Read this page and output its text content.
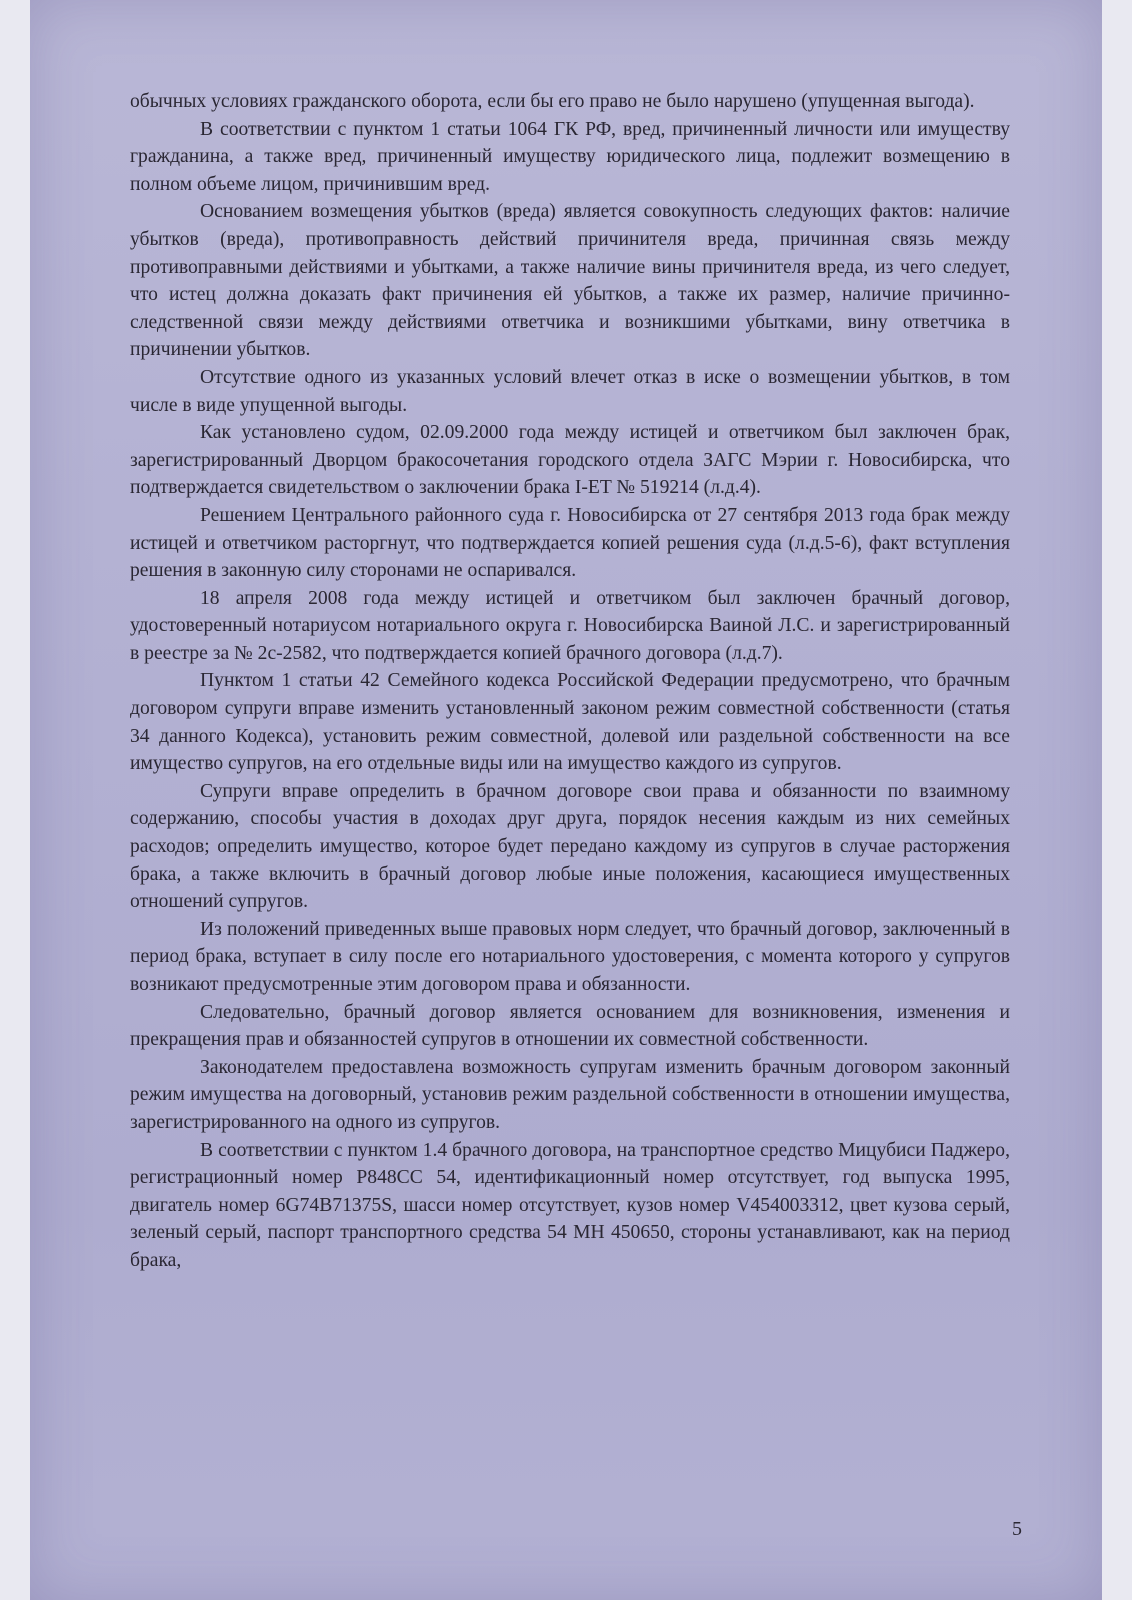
обычных условиях гражданского оборота, если бы его право не было нарушено (упущенная выгода).

В соответствии с пунктом 1 статьи 1064 ГК РФ, вред, причиненный личности или имуществу гражданина, а также вред, причиненный имуществу юридического лица, подлежит возмещению в полном объеме лицом, причинившим вред.

Основанием возмещения убытков (вреда) является совокупность следующих фактов: наличие убытков (вреда), противоправность действий причинителя вреда, причинная связь между противоправными действиями и убытками, а также наличие вины причинителя вреда, из чего следует, что истец должна доказать факт причинения ей убытков, а также их размер, наличие причинно-следственной связи между действиями ответчика и возникшими убытками, вину ответчика в причинении убытков.

Отсутствие одного из указанных условий влечет отказ в иске о возмещении убытков, в том числе в виде упущенной выгоды.

Как установлено судом, 02.09.2000 года между истицей и ответчиком был заключен брак, зарегистрированный Дворцом бракосочетания городского отдела ЗАГС Мэрии г. Новосибирска, что подтверждается свидетельством о заключении брака I-ET № 519214 (л.д.4).

Решением Центрального районного суда г. Новосибирска от 27 сентября 2013 года брак между истицей и ответчиком расторгнут, что подтверждается копией решения суда (л.д.5-6), факт вступления решения в законную силу сторонами не оспаривался.

18 апреля 2008 года между истицей и ответчиком был заключен брачный договор, удостоверенный нотариусом нотариального округа г. Новосибирска Ваиной Л.С. и зарегистрированный в реестре за № 2с-2582, что подтверждается копией брачного договора (л.д.7).

Пунктом 1 статьи 42 Семейного кодекса Российской Федерации предусмотрено, что брачным договором супруги вправе изменить установленный законом режим совместной собственности (статья 34 данного Кодекса), установить режим совместной, долевой или раздельной собственности на все имущество супругов, на его отдельные виды или на имущество каждого из супругов.

Супруги вправе определить в брачном договоре свои права и обязанности по взаимному содержанию, способы участия в доходах друг друга, порядок несения каждым из них семейных расходов; определить имущество, которое будет передано каждому из супругов в случае расторжения брака, а также включить в брачный договор любые иные положения, касающиеся имущественных отношений супругов.

Из положений приведенных выше правовых норм следует, что брачный договор, заключенный в период брака, вступает в силу после его нотариального удостоверения, с момента которого у супругов возникают предусмотренные этим договором права и обязанности.

Следовательно, брачный договор является основанием для возникновения, изменения и прекращения прав и обязанностей супругов в отношении их совместной собственности.

Законодателем предоставлена возможность супругам изменить брачным договором законный режим имущества на договорный, установив режим раздельной собственности в отношении имущества, зарегистрированного на одного из супругов.

В соответствии с пунктом 1.4 брачного договора, на транспортное средство Мицубиси Паджеро, регистрационный номер Р848СС 54, идентификационный номер отсутствует, год выпуска 1995, двигатель номер 6G74B71375S, шасси номер отсутствует, кузов номер V454003312, цвет кузова серый, зеленый серый, паспорт транспортного средства 54 МН 450650, стороны устанавливают, как на период брака,

5
